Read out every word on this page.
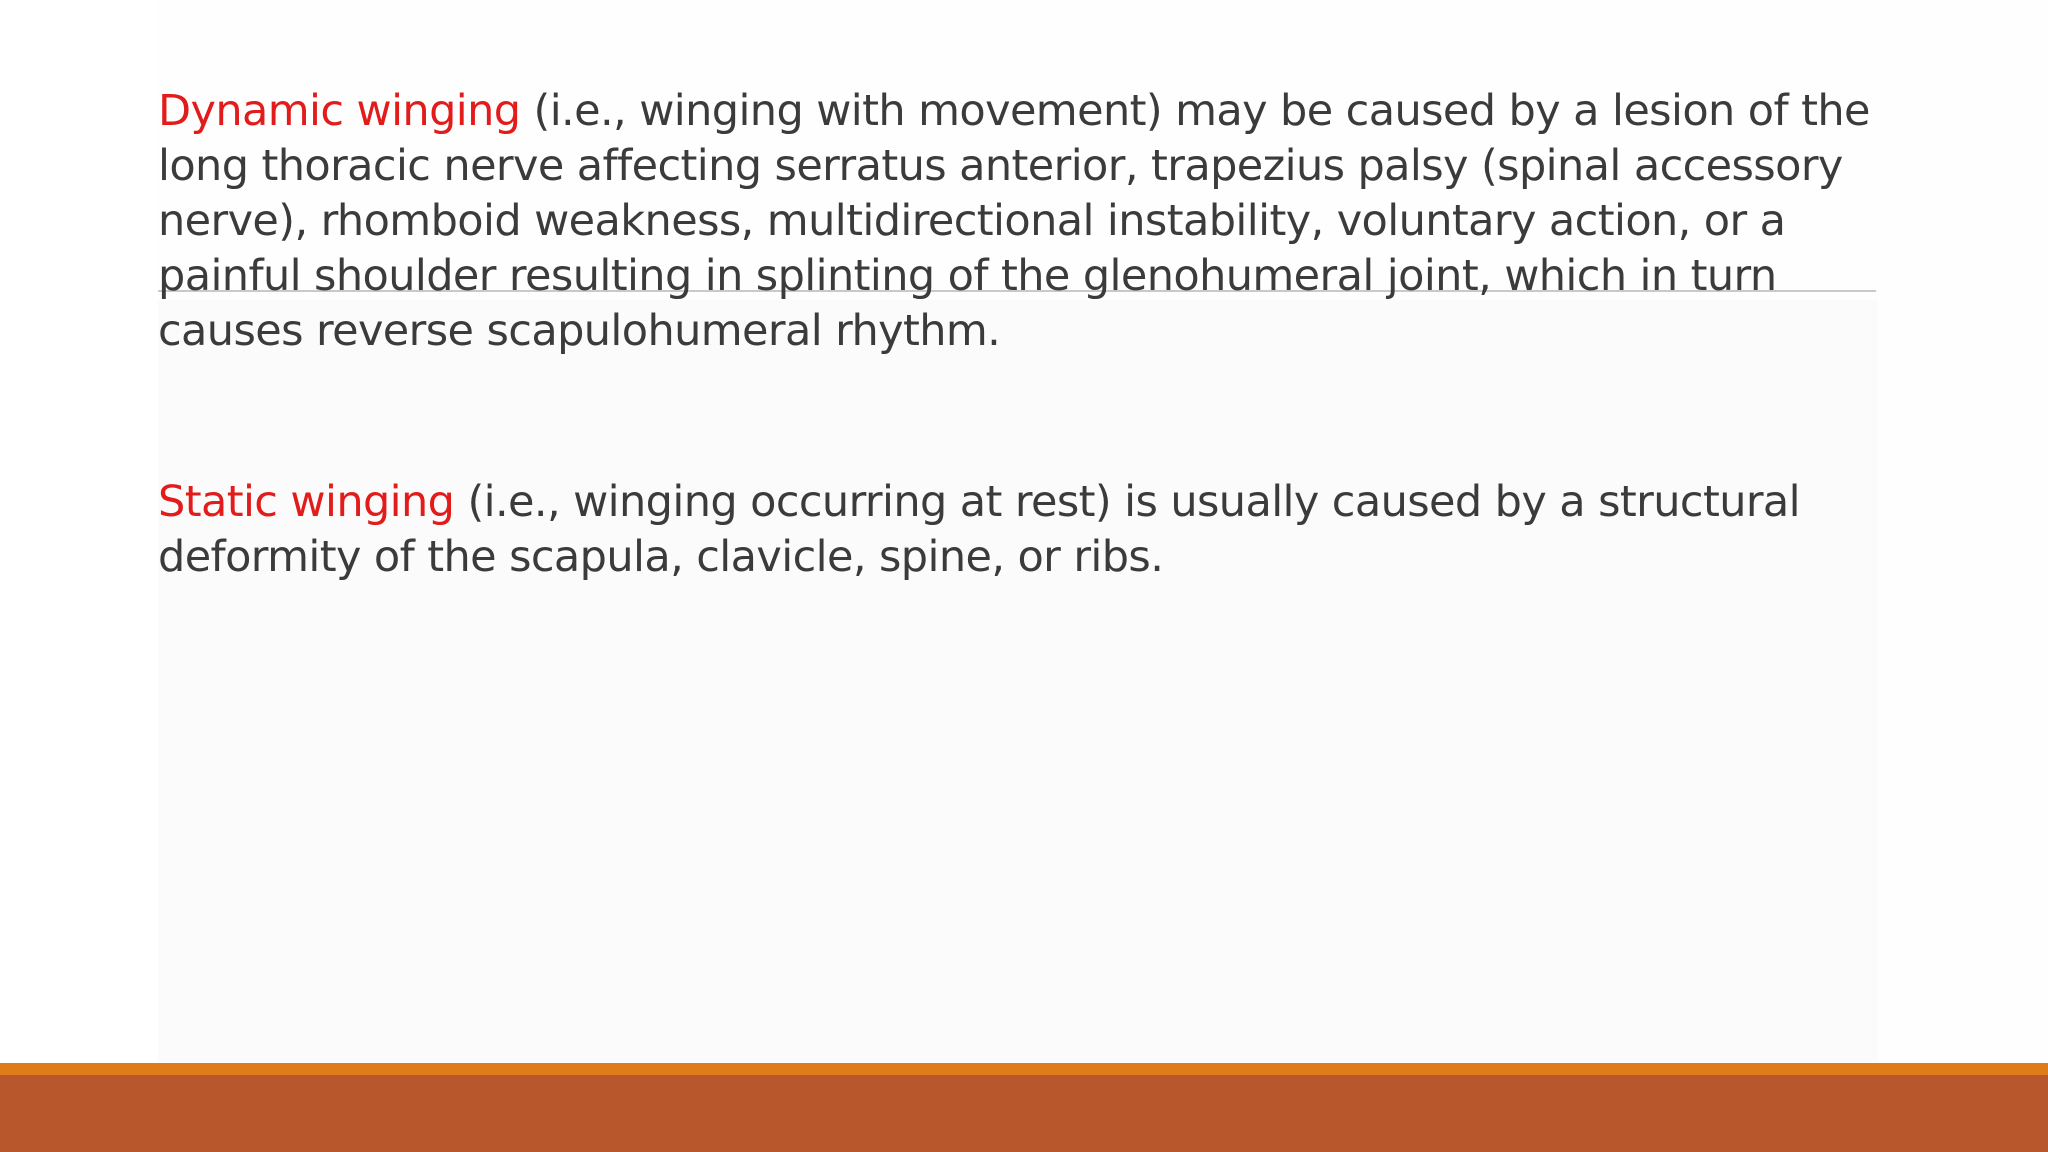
Dynamic winging (i.e., winging with movement) may be caused by a lesion of the long thoracic nerve affecting serratus anterior, trapezius palsy (spinal accessory nerve), rhomboid weakness, multidirectional instability, voluntary action, or a painful shoulder resulting in splinting of the glenohumeral joint, which in turn causes reverse scapulohumeral rhythm.

Static winging (i.e., winging occurring at rest) is usually caused by a structural deformity of the scapula, clavicle, spine, or ribs.
